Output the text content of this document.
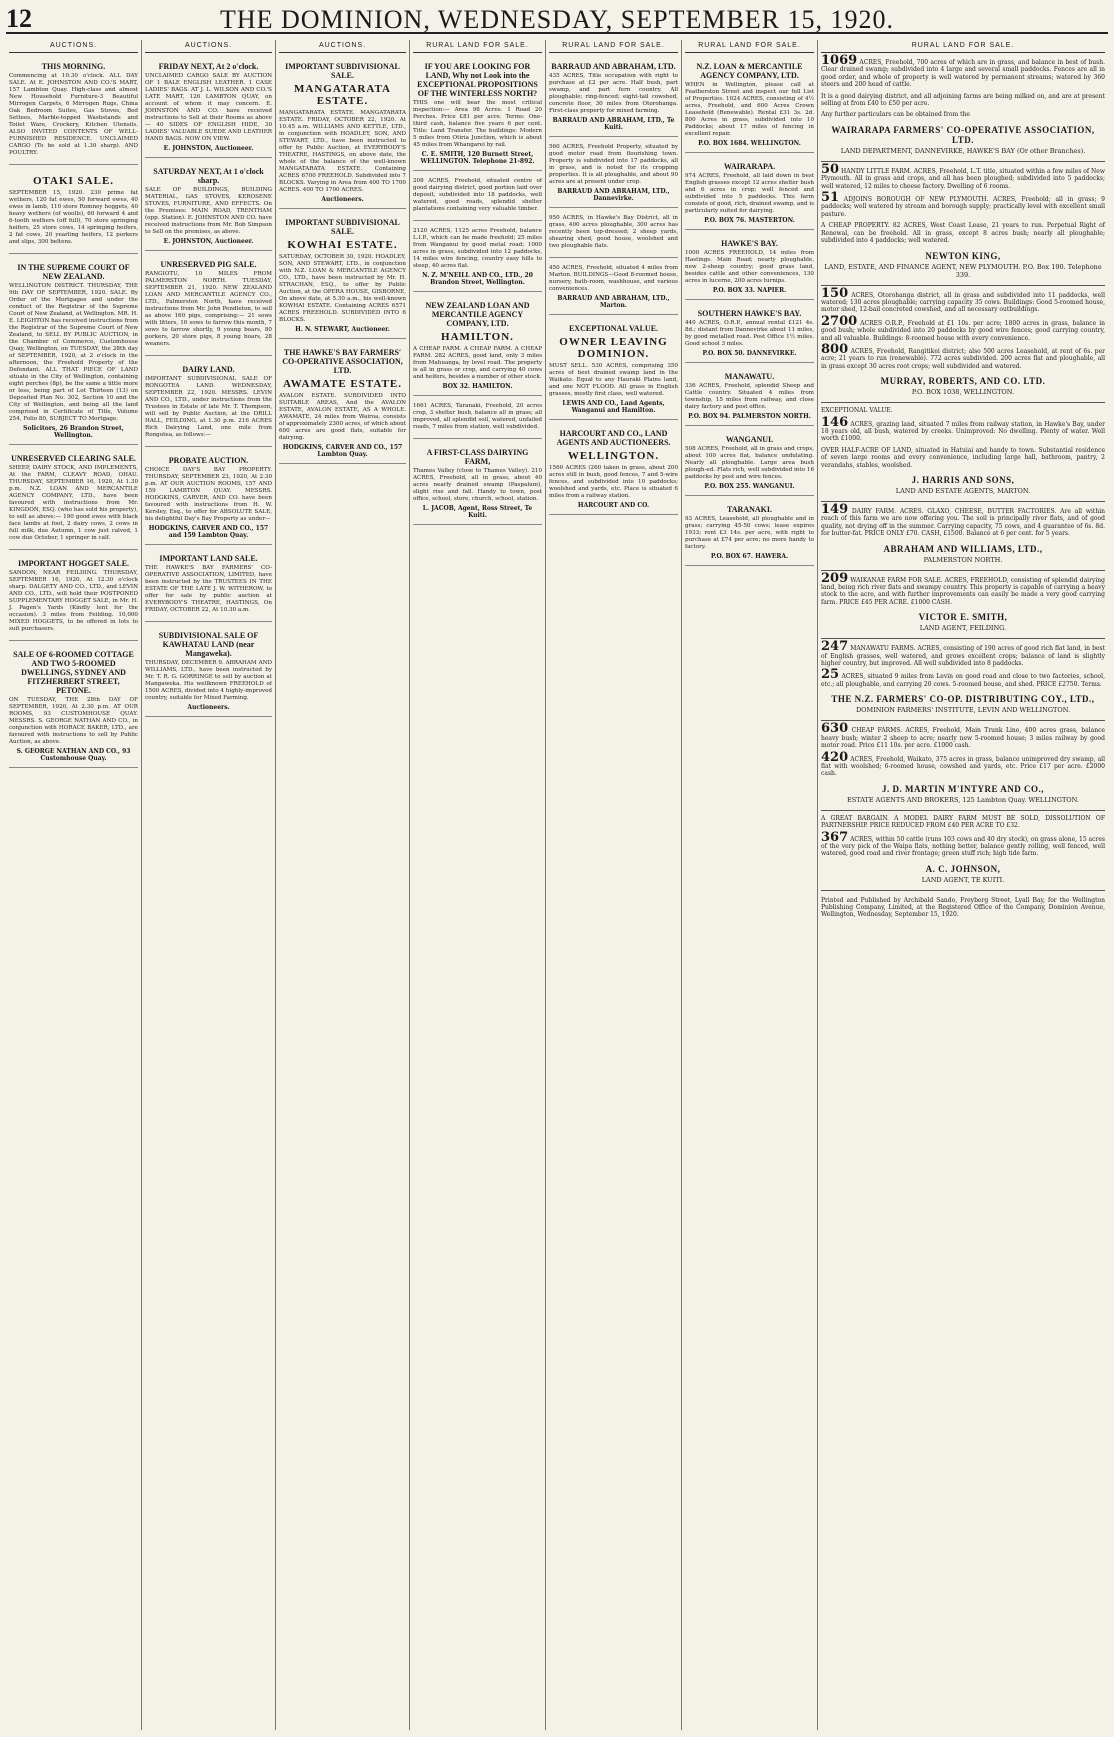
12	THE DOMINION, WEDNESDAY, SEPTEMBER 15, 1920.
AUCTIONS.
THIS MORNING.

Commencing at 10.30 o'clock. ALL DAY SALE. At E. JOHNSTON AND CO.'S MART, 157 Lambton Quay. High-class and almost New Household Furniture-3 Beautiful Mirrogen Carpets, 6 Mirrogen Rugs, China Oak Bedroom Suites, Gas Stoves, Bed Settees, Marble-topped Washstands and Toilet Ware, Crockery, Kitchen Utensils. ALSO INVITED CONTENTS OF WELL-FURNISHED RESIDENCE. UNCLAIMED CARGO (To be sold at 1.30 sharp). AND POULTRY.

OTAKI SALE.

SEPTEMBER 15, 1920. 230 prime fat wethers, 120 fat ewes, 50 forward ewes, 40 ewes in lamb, 110 store Romney hoggets, 40 heavy wethers (of woolls), 60 forward 4 and 6-tooth wethers (off full), 70 store springing heifers, 25 store cows, 14 springing heifers, 2 fat cows, 20 yearling heifers, 12 porkers and slips, 300 beltens.

IN THE SUPREME COURT OF NEW ZEALAND.

WELLINGTON DISTRICT. THURSDAY, THE 9th DAY OF SEPTEMBER, 1920. SALE. By Order of the Mortgagee and under the conduct of the Registrar of the Supreme Court of New Zealand, at Wellington. MR. H. E. LEIGHTON has received instructions from the Registrar of the Supreme Court of New Zealand, to SELL BY PUBLIC AUCTION, in the Chamber of Commerce, Customhouse Quay, Wellington, on TUESDAY, the 28th day of SEPTEMBER, 1920, at 2 o'clock in the afternoon, the Freehold Property of the Defendant. ALL THAT PIECE OF LAND situate in the City of Wellington, containing eight perches (8p), be the same a little more or less, being part of Lot Thirteen (13) on Deposited Plan No. 302, Section 10 and the City of Wellington, and being all the land comprised in Certificate of Title, Volume 254, Folio 80, SUBJECT TO Mortgage.

Solicitors, 26 Brandon Street, Wellington.
UNRESERVED CLEARING SALE.

SHEEP, DAIRY STOCK, AND IMPLEMENTS, At the FARM, CLEAVY ROAD, OHAU. THURSDAY, SEPTEMBER 16, 1920, At 1.30 p.m. N.Z. LOAN AND MERCANTILE AGENCY COMPANY, LTD., have been favoured with instructions from Mr. KINGDON, ESQ. (who has sold his property), to sell as above:— 190 good ewes with black face lambs at foot, 2 dairy cows, 2 cows in full milk, due Autumn, 1 cow just calved, 1 cow due October, 1 springer in calf.

IMPORTANT HOGGET SALE.

SANDON, NEAR FEILDING. THURSDAY, SEPTEMBER 16, 1920, At 12.30 o'clock sharp. DALGETY AND CO., LTD., and LEVIN AND CO., LTD., will hold their POSTPONED SUPPLEMENTARY HOGGET SALE, in Mr. H. J. Pagen's Yards (Kindly lent for the occasion). 3 miles from Feilding. 10,000 MIXED HOGGETS, to be offered in lots to suit purchasers.

SALE OF 6-ROOMED COTTAGE AND TWO 5-ROOMED DWELLINGS, SYDNEY AND FITZHERBERT STREET, PETONE.

ON TUESDAY, THE 28th DAY OF SEPTEMBER, 1920, At 2.30 p.m. AT OUR ROOMS, 93 CUSTOMHOUSE QUAY. MESSRS. S. GEORGE NATHAN AND CO., in conjunction with HORACE BAKER, LTD., are favoured with instructions to sell by Public Auction, as above.

S. GEORGE NATHAN AND CO., 93 Customhouse Quay.
AUCTIONS.
FRIDAY NEXT, At 2 o'clock.

UNCLAIMED CARGO SALE BY AUCTION OF 1 BALE ENGLISH LEATHER. 1 CASE LADIES' BAGS. AT J. L. WILSON AND CO.'S LATE MART, 126 LAMBTON QUAY, on account of whom it may concern. E. JOHNSTON AND CO. have received instructions to Sell at their Rooms as above— 40 SIDES OF ENGLISH HIDE, 30 LADIES' VALUABLE SUEDE AND LEATHER HAND BAGS. NOW ON VIEW.

E. JOHNSTON, Auctioneer.
SATURDAY NEXT, At 1 o'clock sharp.

SALE OF BUILDINGS, BUILDING MATERIAL, GAS STOVES, KEROSENE STOVES, FURNITURE, AND EFFECTS. On the Premises: MAIN ROAD, TRENTHAM (opp. Station). E. JOHNSTON AND CO. have received instructions from Mr. Bob Simpson to Sell on the premises, as above.

E. JOHNSTON, Auctioneer.
UNRESERVED PIG SALE.

RANGIOTU, 10 MILES FROM PALMERSTON NORTH. TUESDAY, SEPTEMBER 21, 1920. NEW ZEALAND LOAN AND MERCANTILE AGENCY CO., LTD., Palmerston North, have received instructions from Mr. John Pendleton, to sell as above 160 pigs, comprising:— 21 sows with litters, 10 sows to farrow this month, 7 sows to farrow shortly, 9 young boars, 80 porkers, 20 store pigs, 8 young boars, 28 weaners.

DAIRY LAND.

IMPORTANT SUBDIVISIONAL SALE OF RONGOTEA LAND. WEDNESDAY, SEPTEMBER 22, 1920. MESSRS. LEVIN AND CO., LTD., under instructions from the Trustees in Estate of late Mr. T. Thompson, will sell by Public Auction, at the DRILL HALL, FEILDING, at 1.30 p.m. 216 ACRES Rich Dairying Land, one mile from Rongotea, as follows:—

PROBATE AUCTION.

CHOICE DAY'S BAY PROPERTY. THURSDAY, SEPTEMBER 23, 1920, At 2.30 p.m. AT OUR AUCTION ROOMS, 157 AND 159 LAMBTON QUAY. MESSRS. HODGKINS, CARVER, AND CO. have been favoured with instructions from H. W. Kersley, Esq., to offer for ABSOLUTE SALE, his delightful Day's Bay Property as under—

HODGKINS, CARVER AND CO., 157 and 159 Lambton Quay.
IMPORTANT LAND SALE.

THE HAWKE'S BAY FARMERS' CO-OPERATIVE ASSOCIATION, LIMITED, have been instructed by the TRUSTEES IN THE ESTATE OF THE LATE J. W. WITHEROW, to offer for sale by public auction at EVERYBODY'S THEATRE, HASTINGS, On FRIDAY, OCTOBER 22, At 10.30 a.m.

SUBDIVISIONAL SALE OF KAWHATAU LAND (near Mangaweka).

THURSDAY, DECEMBER 9. ABRAHAM AND WILLIAMS, LTD., have been instructed by Mr. T. R. G. GORRINGE to sell by auction at Mangaweka. His wellknown FREEHOLD of 1500 ACRES, divided into 4 highly-improved country, suitable for Mixed Farming.

Auctioneers.
AUCTIONS.
IMPORTANT SUBDIVISIONAL SALE.
MANGATARATA ESTATE.

MANGATARATA ESTATE. MANGATARATA ESTATE. FRIDAY, OCTOBER 22, 1920. At 10.45 a.m. WILLIAMS AND KETTLE, LTD., in conjunction with HOADLEY, SON, AND STEWART, LTD., have been instructed to offer by Public Auction, at EVERYBODY'S THEATRE, HASTINGS, on above date, the whole of the balance of the well-known MANGATARATA ESTATE. Containing ACRES 6700 FREEHOLD. Subdivided into 7 BLOCKS. Varying in Area from 400 TO 1700 ACRES. 400 TO 1700 ACRES.

Auctioneers.
IMPORTANT SUBDIVISIONAL SALE.
KOWHAI ESTATE.

SATURDAY, OCTOBER 30, 1920. HOADLEY, SON, AND STEWART, LTD., in conjunction with N.Z. LOAN & MERCANTILE AGENCY CO., LTD., have been instructed by Mr. H. STRACHAN, ESQ., to offer by Public Auction, at the OPERA HOUSE, GISBORNE, On above date, at 5.30 a.m., his well-known KOWHAI ESTATE. Containing ACRES 6571 ACRES FREEHOLD. SUBDIVIDED INTO 6 BLOCKS.

H. N. STEWART, Auctioneer.
THE HAWKE'S BAY FARMERS' CO-OPERATIVE ASSOCIATION, LTD.
AWAMATE ESTATE.

AVALON ESTATE. SUBDIVIDED INTO SUITABLE AREAS, And the AVALON ESTATE, AVALON ESTATE, AS A WHOLE. AWAMATE, 24 miles from Wairoa, consists of approximately 2300 acres, of which about 600 acres are good flats, suitable for dairying.

HODGKINS, CARVER AND CO., 157 Lambton Quay.
RURAL LAND FOR SALE.
IF YOU ARE LOOKING FOR LAND, Why not Look into the EXCEPTIONAL PROPOSITIONS OF THE WINTERLESS NORTH?

THIS one will bear the most critical inspection:— Area 98 Acres. 1 Road 20 Perches. Price £81 per acre. Terms: One-third cash, balance five years 6 per cent. Title: Land Transfer. The buildings: Modern 5 miles from Otiria Junction, which is about 45 miles from Whangarei by rail.

C. E. SMITH, 120 Burnett Street, WELLINGTON. Telephone 21-892.

208 ACRES, Freehold, situated centre of good dairying district, good portion laid over deposit, subdivided into 18 paddocks, well watered, good roads, splendid shelter plantations containing very valuable timber.

2120 ACRES, 1125 acres Freehold, balance L.I.P., which can be made freehold; 25 miles from Wanganui by good metal road; 1000 acres in grass, subdivided into 12 paddocks, 14 miles wire fencing, country easy hills to steep, 40 acres flat.

N. Z. M'NEILL AND CO., LTD., 20 Brandon Street, Wellington.
NEW ZEALAND LOAN AND MERCANTILE AGENCY COMPANY, LTD.
HAMILTON.

A CHEAP FARM. A CHEAP FARM. A CHEAP FARM. 282 ACRES, good land, only 3 miles from Mahuanga, by level road. The property is all in grass or crop, and carrying 40 cows and heifers, besides a number of other stock.

BOX 32. HAMILTON.

1661 ACRES, Taranaki, Freehold, 20 acres crop, 3 shelter bush, balance all in grass; all improved, all splendid soil, watered, unfailed roads, 7 miles from station, well subdivided.

A FIRST-CLASS DAIRYING FARM,

Thames Valley (close to Thames Valley). 210 ACRES, Freehold, all in grass, about 40 acres nearly drained swamp (Paspalum), slight rise and fall. Handy to town, post office, school, store, church, school, station.

L. JACOB, Agent, Ross Street, Te Kuiti.
RURAL LAND FOR SALE.
BARRAUD AND ABRAHAM, LTD.

435 ACRES, Title occupation with right to purchase at £2 per acre. Half bush, part swamp, and part fern country. All ploughable; ring-fenced; eight-tail cowshed, concrete floor, 30 miles from Otorohanga. First-class property for mixed farming.

BARRAUD AND ABRAHAM, LTD., Te Kuiti.

560 ACRES, Freehold Property, situated by good motor road from flourishing town. Property is subdivided into 17 paddocks, all in grass, and is noted for its cropping properties. It is all ploughable, and about 90 acres are at present under crop.

BARRAUD AND ABRAHAM, LTD., Dannevirke.

950 ACRES, in Hawke's Bay District, all in grass, 400 acres ploughable, 300 acres has recently been top-dressed; 2 sheep yards, shearing shed, good house, woolshed and two ploughable flats.

450 ACRES, Freehold, situated 4 miles from Marton. BUILDINGS—Good 8-roomed house, nursery, bath-room, washhouse, and various conveniences.

BARRAUD AND ABRAHAM, LTD., Marton.
EXCEPTIONAL VALUE.
OWNER LEAVING DOMINION.

MUST SELL. 530 ACRES, comprising 350 acres of best drained swamp land in the Waikato. Equal to any Hauraki Plains land, and one NOT FLOOD. All grass in English grasses, mostly first class, well watered.

LEWIS AND CO., Land Agents, Wanganui and Hamilton.
HARCOURT AND CO., LAND AGENTS AND AUCTIONEERS.
WELLINGTON.

1560 ACRES (260 taken in grass, about 200 acres still in bush, good fences, 7 and 5-wire fences, and subdivided into 10 paddocks; woolshed and yards, etc. Place is situated 6 miles from a railway station.

HARCOURT AND CO.
RURAL LAND FOR SALE.
N.Z. LOAN & MERCANTILE AGENCY COMPANY, LTD.

WHEN in Wellington, please call at Featherston Street and inspect our full List of Properties. 1024 ACRES, consisting of 4½ acres, Freehold, and 600 Acres Crown Leasehold (Renewable). Rental £31 3s. 2d. 800 Acres in grass, subdivided into 10 Paddocks; about 17 miles of fencing in excellent repair.

P.O. BOX 1684. WELLINGTON.
WAIRARAPA.

974 ACRES, Freehold, all laid down in best English grasses except 12 acres shelter bush and 6 acres in crop; well fenced and subdivided into 5 paddocks. This farm consists of good, rich, drained swamp, and is particularly suited for dairying.

P.O. BOX 76. MASTERTON.
HAWKE'S BAY.

1000 ACRES FREEHOLD, 14 miles from Hastings. Main Road; nearly ploughable, new 2-sheep country; good grass land, besides cattle and other conveniences, 130 acres in lucerne, 200 acres turnips.

P.O. BOX 33. NAPIER.
SOUTHERN HAWKE'S BAY.

440 ACRES, O.R.P., annual rental £121 4s. 8d.; distant from Dannevirke about 11 miles, by good metalled road. Post Office 1½ miles. Good school 3 miles.

P.O. BOX 50. DANNEVIRKE.
MANAWATU.

336 ACRES, Freehold, splendid Sheep and Cattle country. Situated 4 miles from township, 15 miles from railway, and close dairy factory and post office.

P.O. BOX 94. PALMERSTON NORTH.
WANGANUI.

508 ACRES, Freehold, all in grass and crops, about 100 acres flat, balance undulating. Nearly all ploughable. Large area bush plough-ed. Flats rich, well subdivided into 16 paddocks by post and wire fences.

P.O. BOX 255. WANGANUI.
TARANAKI.

93 ACRES, Leasehold, all ploughable and in grass; carrying 45-50 cows; lease expires 1933; rent £3 14s. per acre, with right to purchase at £74 per acre; no more handy to factory.

P.O. BOX 67. HAWERA.
RURAL LAND FOR SALE.
1069 ACRES, Freehold, 700 acres of which are in grass, and balance in best of bush. Clear drained swamp; subdivided into 4 large and several small paddocks. Fences are all in good order, and whole of property is well watered by permanent streams; watered by 360 steers and 200 head of cattle.
It is a good dairying district, and all adjoining farms are being milked on, and are at present selling at from £40 to £50 per acre.
Any further particulars can be obtained from the
WAIRARAPA FARMERS' CO-OPERATIVE ASSOCIATION, LTD.
LAND DEPARTMENT, DANNEVIRKE, HAWKE'S BAY (Or other Branches).
50 HANDY LITTLE FARM. ACRES, Freehold, L.T. title, situated within a few miles of New Plymouth. All in grass and crops, and all has been ploughed; subdivided into 5 paddocks; well watered, 12 miles to cheese factory. Dwelling of 6 rooms.
51 ADJOINS BOROUGH OF NEW PLYMOUTH. ACRES, Freehold; all in grass; 9 paddocks; well watered by stream and borough supply; practically level with excellent small pasture.
A CHEAP PROPERTY. 82 ACRES, West Coast Lease, 21 years to run. Perpetual Right of Renewal, can be freehold. All in grass, except 8 acres bush; nearly all ploughable; subdivided into 4 paddocks; well watered.
NEWTON KING,
LAND, ESTATE, AND FINANCE AGENT, NEW PLYMOUTH. P.O. Box 190. Telephone 339.
150 ACRES, Otorohanga district, all in grass and subdivided into 11 paddocks, well watered; 130 acres ploughable; carrying capacity 35 cows. Buildings: Good 5-roomed house, motor shed, 12-bail concreted cowshed, and all necessary outbuildings.
2700 ACRES O.R.P., Freehold at £1 10s. per acre; 1800 acres in grass, balance in good bush; whole subdivided into 20 paddocks by good wire fences; good carrying country, and all valuable. Buildings: 8-roomed house with every convenience.
800 ACRES, Freehold, Rangitikei district; also 500 acres Leasehold, at rent of 6s. per acre; 21 years to run (renewable). 772 acres subdivided. 200 acres flat and ploughable, all in grass except 30 acres root crops; well subdivided and watered.
MURRAY, ROBERTS, AND CO. LTD.
P.O. BOX 1038, WELLINGTON.
EXCEPTIONAL VALUE.
146 ACRES, grazing land, situated 7 miles from railway station, in Hawke's Bay, under 18 years old, all bush, watered by creeks. Unimproved: No dwelling. Plenty of water. Well worth £1000.
OVER HALF-ACRE OF LAND, situated in Hatuiai and handy to town. Substantial residence of seven large rooms and every convenience, including large hall, bathroom, pantry, 2 verandahs, stables, woolshed.
J. HARRIS AND SONS,
LAND AND ESTATE AGENTS, MARTON.
149 DAIRY FARM. ACRES. GLAXO, CHEESE, BUTTER FACTORIES. Are all within reach of this farm we are now offering you. The soil is principally river flats, and of good quality, not drying off in the summer. Carrying capacity, 75 cows, and 4 guarantee of 6s. 8d. for butter-fat. PRICE ONLY £70. CASH, £1500. Balance at 6 per cent. for 5 years.
ABRAHAM AND WILLIAMS, LTD.,
PALMERSTON NORTH.
209 WAIKANAE FARM FOR SALE. ACRES, FREEHOLD, consisting of splendid dairying land, being rich river flats and swampy country. This property is capable of carrying a heavy stock to the acre, and with further improvements can easily be made a very good carrying farm. PRICE £45 PER ACRE. £1000 CASH.
VICTOR E. SMITH,
LAND AGENT, FEILDING.
247 MANAWATU FARMS. ACRES, consisting of 190 acres of good rich flat land, in best of English grasses, well watered, and grows excellent crops; balance of land is slightly higher country, but improved. All well subdivided into 8 paddocks.
25 ACRES, situated 9 miles from Levin on good road and close to two factories, school, etc.; all ploughable, and carrying 20 cows. 5-roomed house, and shed. PRICE £2750. Terms.
THE N.Z. FARMERS' CO-OP. DISTRIBUTING COY., LTD.,
DOMINION FARMERS' INSTITUTE, LEVIN AND WELLINGTON.
630 CHEAP FARMS. ACRES, Freehold, Main Trunk Line, 400 acres grass, balance heavy bush; winter 2 sheep to acre; nearly new 5-roomed house; 3 miles railway by good motor road. Price £11 10s. per acre. £1000 cash.
420 ACRES, Freehold, Waikato, 375 acres in grass, balance unimproved dry swamp, all flat with woolshed; 6-roomed house, cowshed and yards, etc. Price £17 per acre. £2000 cash.
J. D. MARTIN M'INTYRE AND CO.,
ESTATE AGENTS AND BROKERS, 125 Lambton Quay. WELLINGTON.
A GREAT BARGAIN. A MODEL DAIRY FARM MUST BE SOLD, DISSOLUTION OF PARTNERSHIP. PRICE REDUCED FROM £40 PER ACRE TO £32.
367 ACRES, within 50 cattle (runs 103 cows and 40 dry stock), on grass alone, 15 acres of the very pick of the Waipa flats, nothing better, balance gently rolling, well fenced, well watered, good road and river frontage; green stuff rich; high tide farm.
A. C. JOHNSON,
LAND AGENT, TE KUITI.
Printed and Published by Archibald Sando, Freyberg Street, Lyall Bay, for the Wellington Publishing Company, Limited, at the Registered Office of the Company, Dominion Avenue, Wellington, Wednesday, September 15, 1920.
